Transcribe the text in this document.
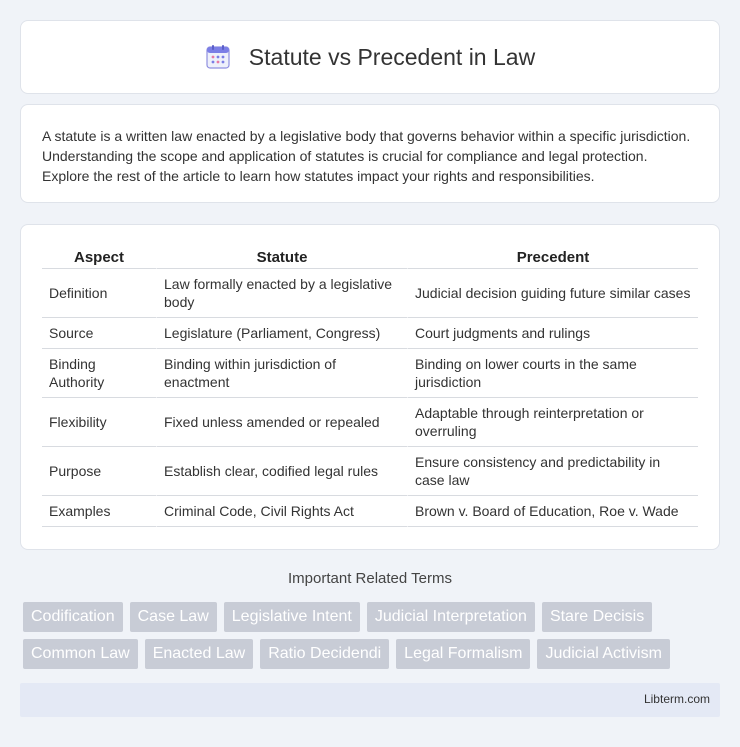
Statute vs Precedent in Law

A statute is a written law enacted by a legislative body that governs behavior within a specific jurisdiction. Understanding the scope and application of statutes is crucial for compliance and legal protection. Explore the rest of the article to learn how statutes impact your rights and responsibilities.

Aspect	Statute	Precedent
Definition	Law formally enacted by a legislative body	Judicial decision guiding future similar cases
Source	Legislature (Parliament, Congress)	Court judgments and rulings
Binding Authority	Binding within jurisdiction of enactment	Binding on lower courts in the same jurisdiction
Flexibility	Fixed unless amended or repealed	Adaptable through reinterpretation or overruling
Purpose	Establish clear, codified legal rules	Ensure consistency and predictability in case law
Examples	Criminal Code, Civil Rights Act	Brown v. Board of Education, Roe v. Wade
Important Related Terms
Codification	Case Law	Legislative Intent	Judicial Interpretation	Stare Decisis
Common Law	Enacted Law	Ratio Decidendi	Legal Formalism	Judicial Activism
Libterm.com
